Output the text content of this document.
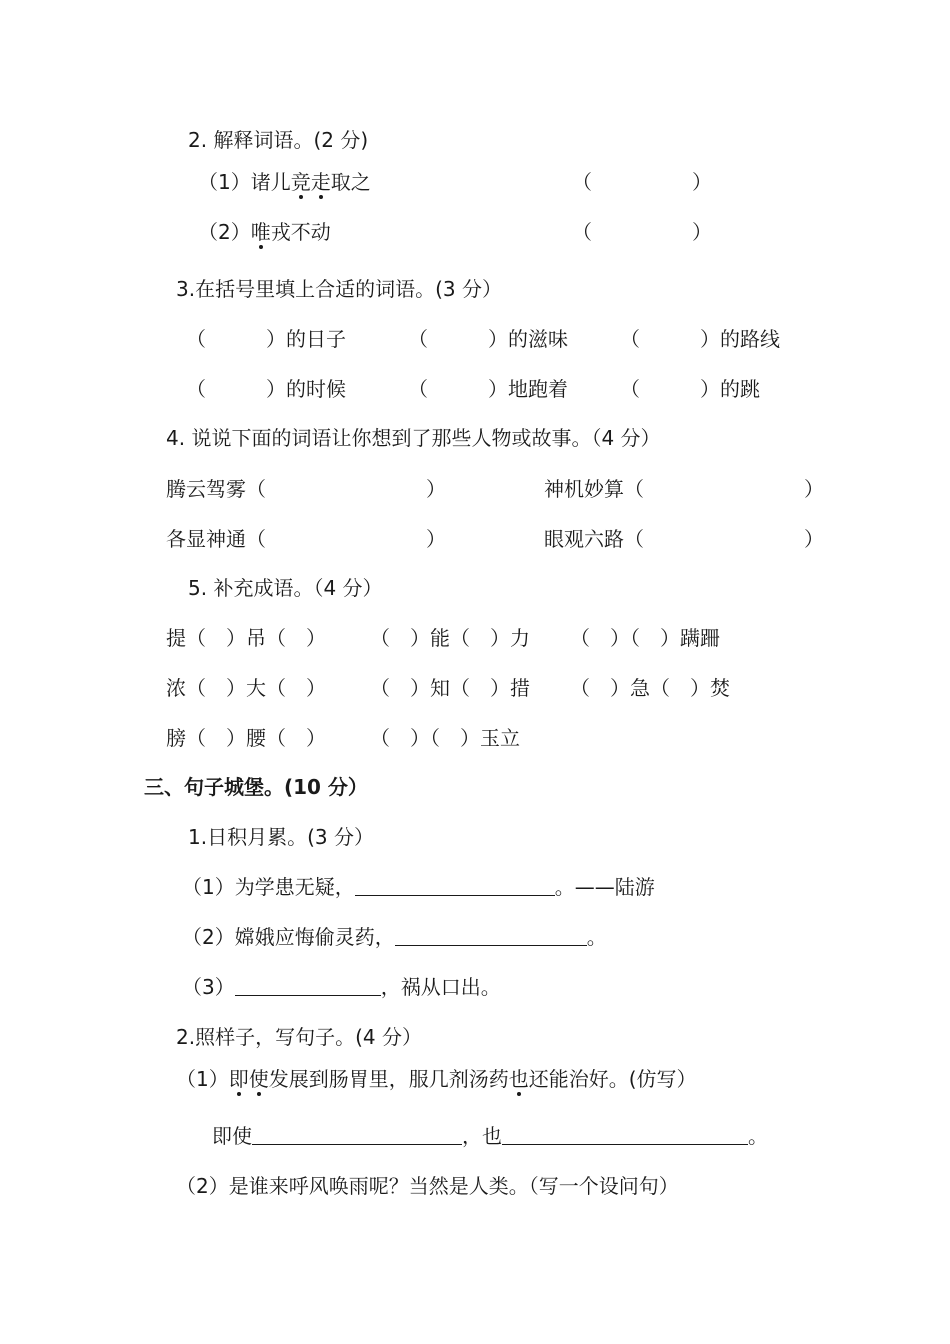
2. 解释词语。(2 分)
（1）诸儿竞走取之	（　　　　　）
（2）唯戎不动	（　　　　　）
3.在括号里填上合适的词语。(3 分）
（　　　）的日子	（　　　）的滋味	（　　　）的路线
（　　　）的时候	（　　　）地跑着	（　　　）的跳
4. 说说下面的词语让你想到了那些人物或故事。（4 分）
腾云驾雾（　　　　　　　　）	神机妙算（　　　　　　　　）
各显神通（　　　　　　　　）	眼观六路（　　　　　　　　）
5. 补充成语。（4 分）
提（　）吊（　） （　）能（　）力 （　）（　）蹒跚
浓（　）大（　） （　）知（　）措 （　）急（　）焚
膀（　）腰（　） （　）（　）玉立
三、句子城堡。(10 分）
1.日积月累。(3 分）
（1）为学患无疑，	。——陆游
（2）嫦娥应悔偷灵药，	。
（3）	，祸从口出。
2.照样子，写句子。(4 分）
（1）即使发展到肠胃里，服几剂汤药也还能治好。(仿写）
即使	，也	。
（2）是谁来呼风唤雨呢？当然是人类。（写一个设问句）
